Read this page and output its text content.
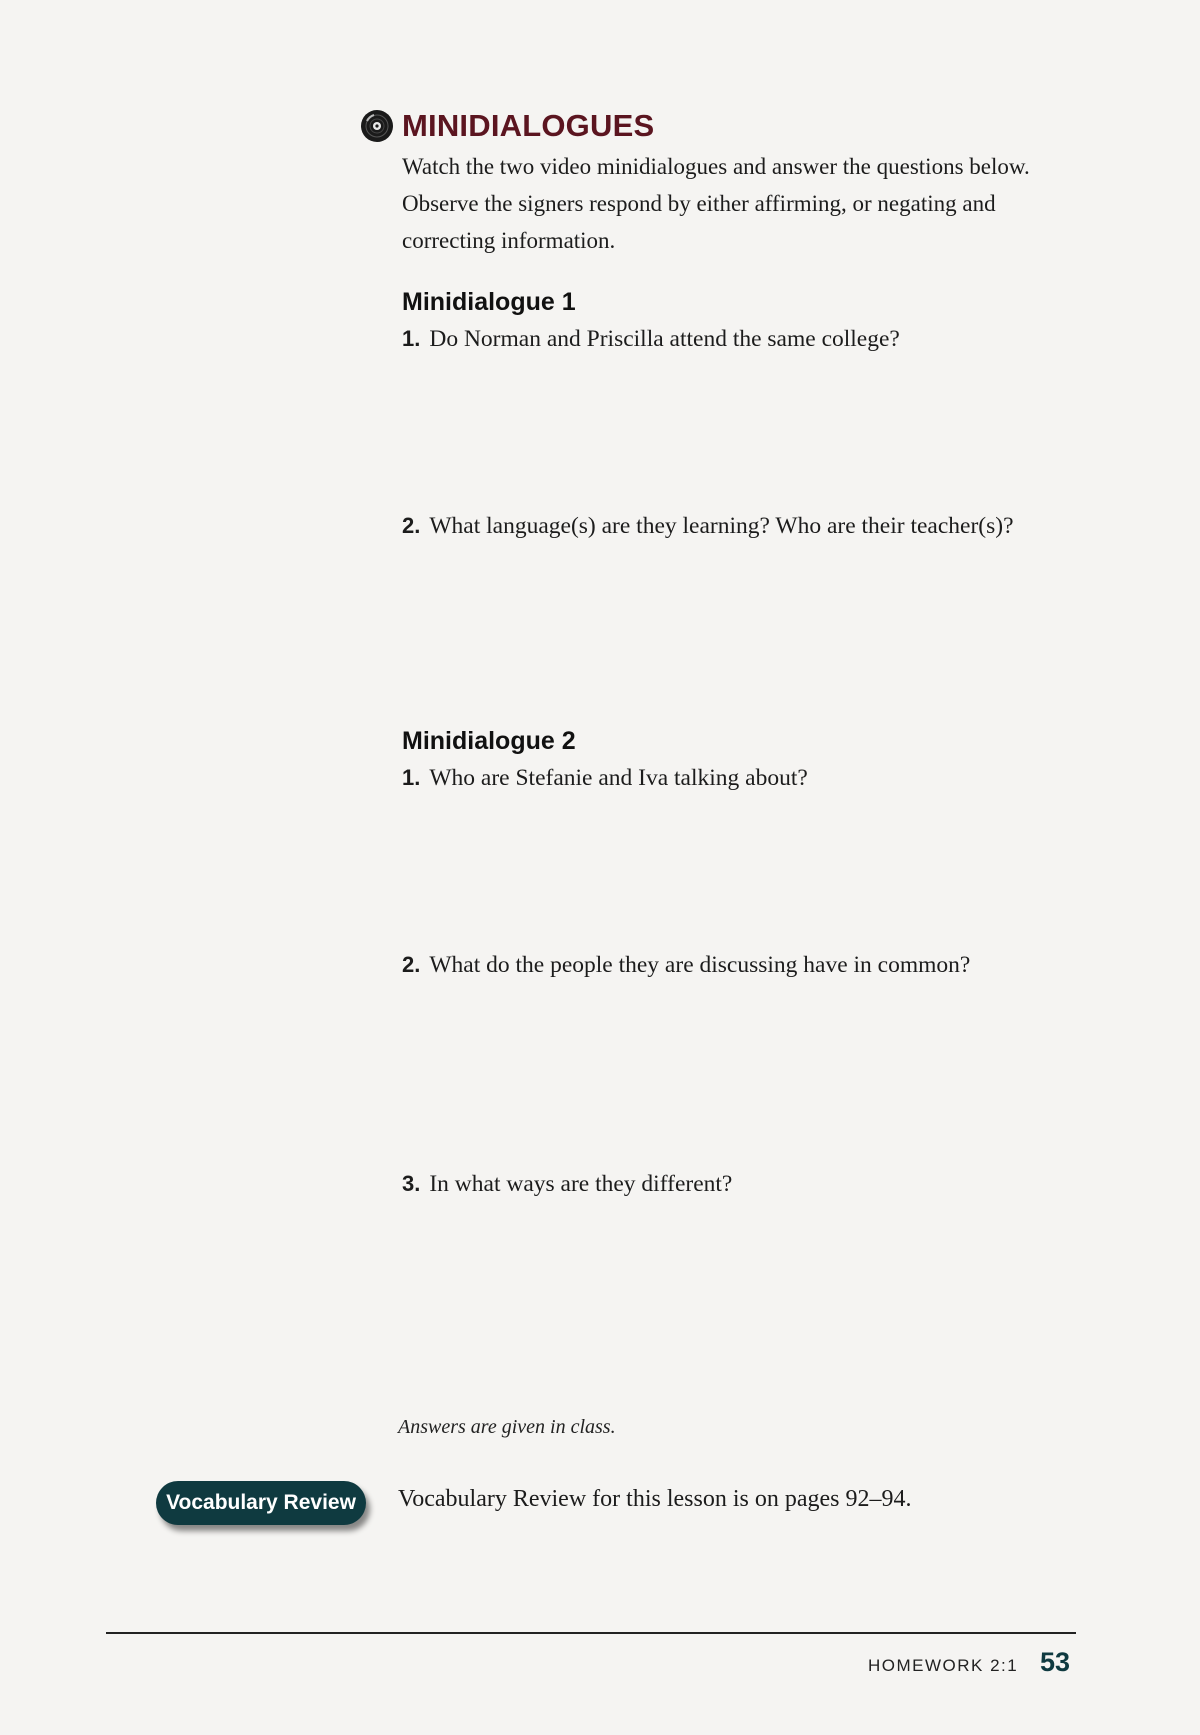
MINIDIALOGUES

Watch the two video minidialogues and answer the questions below. Observe the signers respond by either affirming, or negating and correcting information.

Minidialogue 1
1. Do Norman and Priscilla attend the same college?
2. What language(s) are they learning? Who are their teacher(s)?
Minidialogue 2
1. Who are Stefanie and Iva talking about?
2. What do the people they are discussing have in common?
3. In what ways are they different?
Answers are given in class.
Vocabulary Review	Vocabulary Review for this lesson is on pages 92–94.
HOMEWORK 2:1 53
